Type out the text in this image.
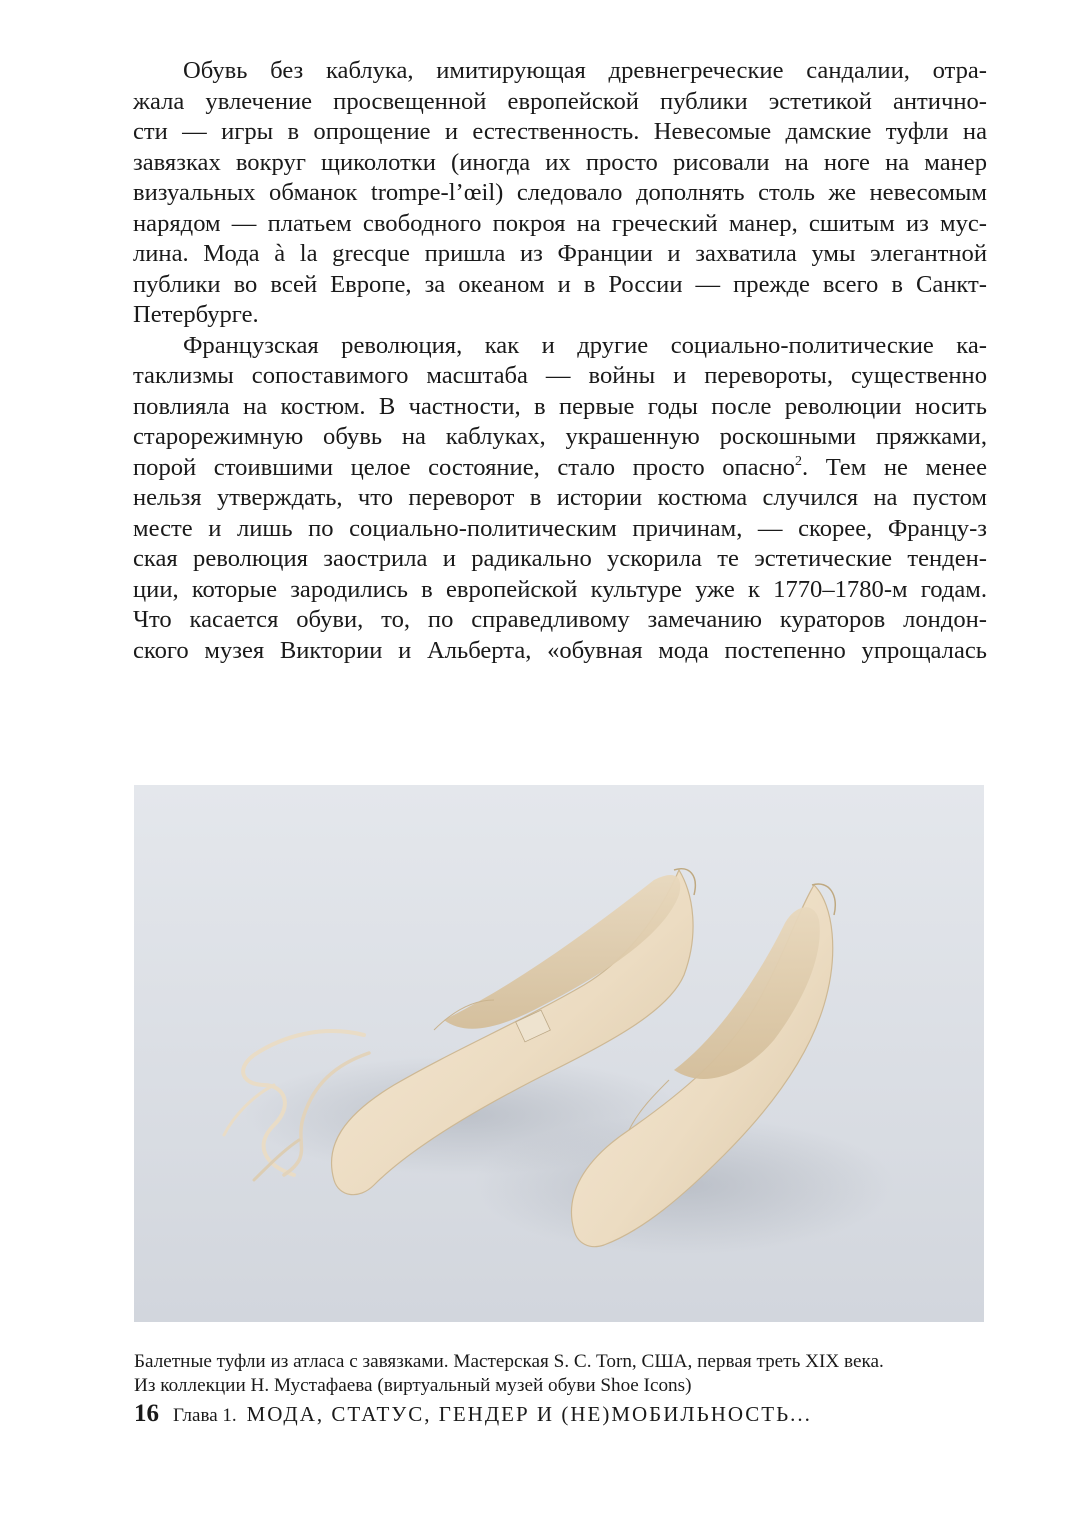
Обувь без каблука, имитирующая древнегреческие сандалии, отра-
жала увлечение просвещенной европейской публики эстетикой антично-
сти — игры в опрощение и естественность. Невесомые дамские туфли на
завязках вокруг щиколотки (иногда их просто рисовали на ноге на манер
визуальных обманок trompe-l’œil) следовало дополнять столь же невесомым
нарядом — платьем свободного покроя на греческий манер, сшитым из мус-
лина. Мода à la grecque пришла из Франции и захватила умы элегантной
публики во всей Европе, за океаном и в России — прежде всего в Санкт-
Петербурге.
Французская революция, как и другие социально-политические ка-
таклизмы сопоставимого масштаба — войны и перевороты, существенно
повлияла на костюм. В частности, в первые годы после революции носить
старорежимную обувь на каблуках, украшенную роскошными пряжками,
порой стоившими целое состояние, стало просто опасно$^2$. Тем не менее
нельзя утверждать, что переворот в истории костюма случился на пустом
месте и лишь по социально-политическим причинам, — скорее, Францу-з
ская революция заострила и радикально ускорила те эстетические тенден-
ции, которые зародились в европейской культуре уже к 1770–1780-м годам.
Что касается обуви, то, по справедливому замечанию кураторов лондон-
ского музея Виктории и Альберта, «обувная мода постепенно упрощалась
Балетные туфли из атласа с завязками. Мастерская S. C. Torn, США, первая треть XIX века.
Из коллекции Н. Мустафаева (виртуальный музей обуви Shoe Icons)
16 Глава 1. МОДА, СТАТУС, ГЕНДЕР И (НЕ)МОБИЛЬНОСТЬ...
